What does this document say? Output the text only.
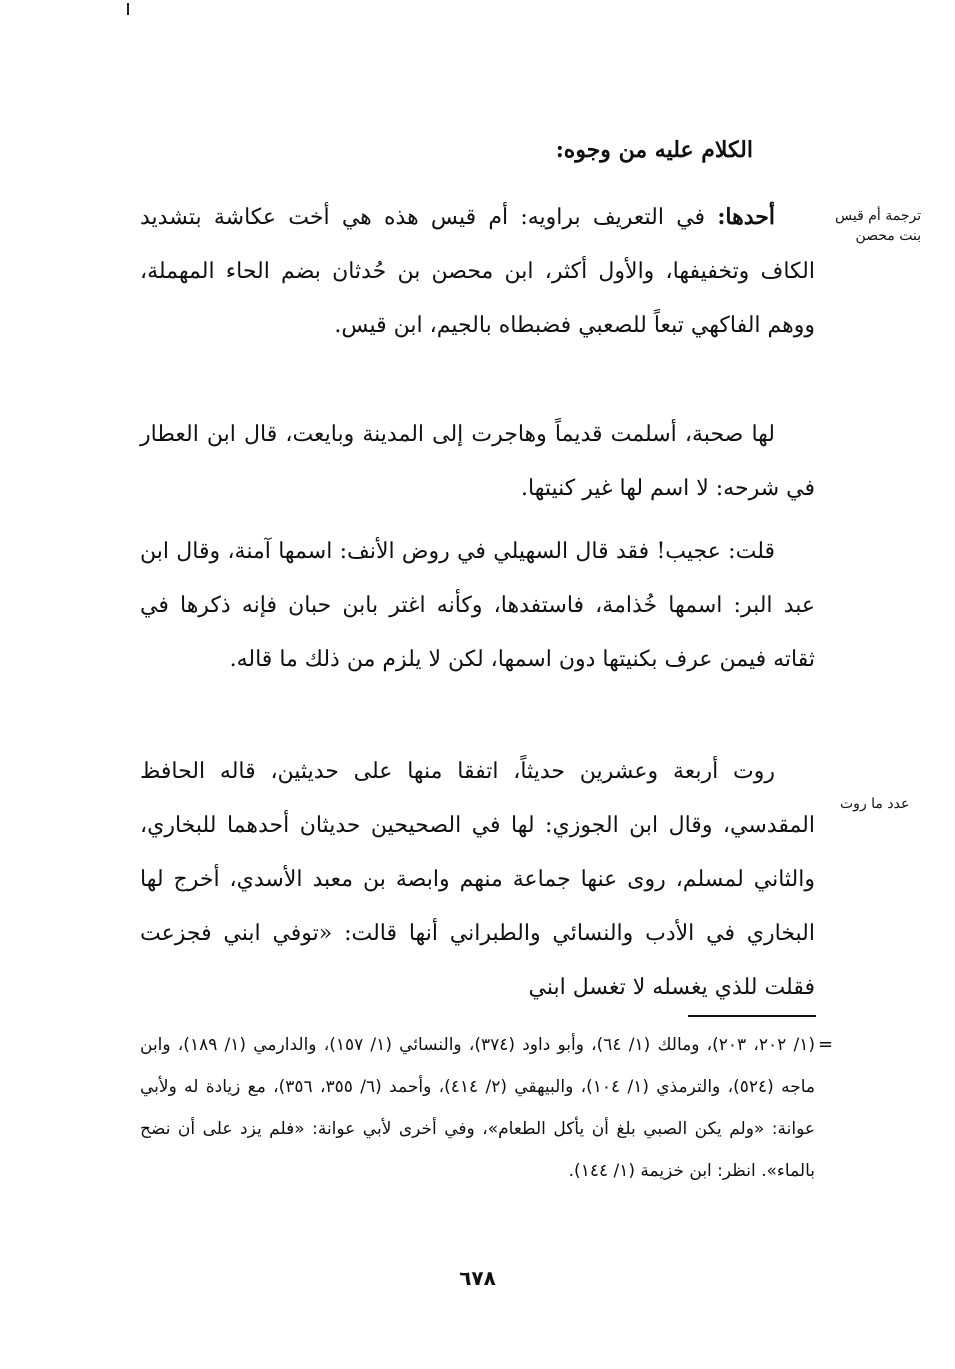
الكلام عليه من وجوه:
ترجمة أم قيس
بنت محصن

أحدها: في التعريف براويه: أم قيس هذه هي أخت عكاشة بتشديد الكاف وتخفيفها، والأول أكثر، ابن محصن بن حُدثان بضم الحاء المهملة، ووهم الفاكهي تبعاً للصعبي فضبطاه بالجيم، ابن قيس.

لها صحبة، أسلمت قديماً وهاجرت إلى المدينة وبايعت، قال ابن العطار في شرحه: لا اسم لها غير كنيتها.

قلت: عجيب! فقد قال السهيلي في روض الأنف: اسمها آمنة، وقال ابن عبد البر: اسمها خُذامة، فاستفدها، وكأنه اغتر بابن حبان فإنه ذكرها في ثقاته فيمن عرف بكنيتها دون اسمها، لكن لا يلزم من ذلك ما قاله.

عدد ما روت

روت أربعة وعشرين حديثاً، اتفقا منها على حديثين، قاله الحافظ المقدسي، وقال ابن الجوزي: لها في الصحيحين حديثان أحدهما للبخاري، والثاني لمسلم، روى عنها جماعة منهم وابصة بن معبد الأسدي، أخرج لها البخاري في الأدب والنسائي والطبراني أنها قالت: «توفي ابني فجزعت فقلت للذي يغسله لا تغسل ابني

=

(١/ ٢٠٢، ٢٠٣)، ومالك (١/ ٦٤)، وأبو داود (٣٧٤)، والنسائي (١/ ١٥٧)، والدارمي (١/ ١٨٩)، وابن ماجه (٥٢٤)، والترمذي (١/ ١٠٤)، والبيهقي (٢/ ٤١٤)، وأحمد (٦/ ٣٥٥، ٣٥٦)، مع زيادة له ولأبي عوانة: «ولم يكن الصبي بلغ أن يأكل الطعام»، وفي أخرى لأبي عوانة: «فلم يزد على أن نضح بالماء». انظر: ابن خزيمة (١/ ١٤٤).

٦٧٨
